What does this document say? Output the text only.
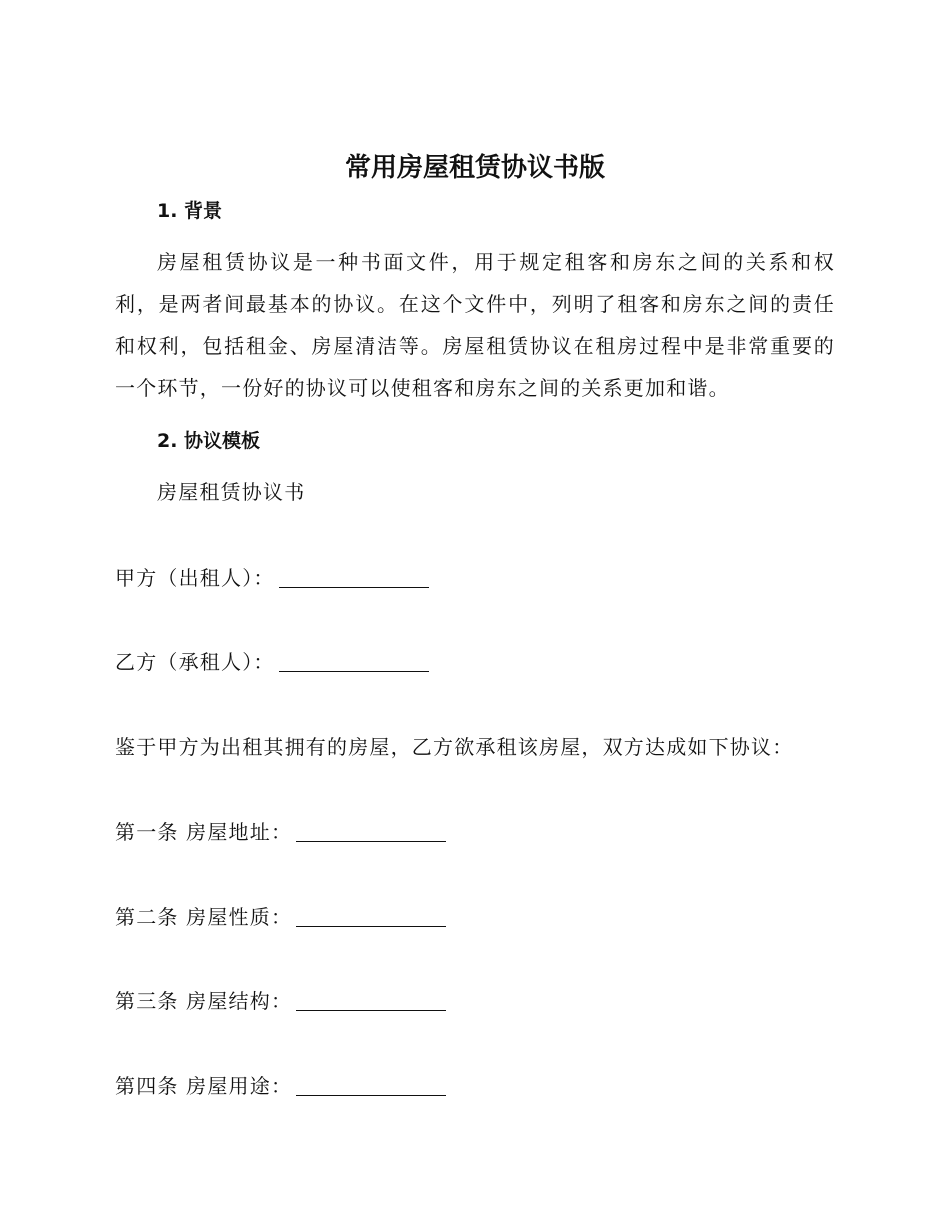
常用房屋租赁协议书版
1. 背景

房屋租赁协议是一种书面文件，用于规定租客和房东之间的关系和权利，是两者间最基本的协议。在这个文件中，列明了租客和房东之间的责任和权利，包括租金、房屋清洁等。房屋租赁协议在租房过程中是非常重要的一个环节，一份好的协议可以使租客和房东之间的关系更加和谐。

2. 协议模板
房屋租赁协议书
甲方（出租人）：
乙方（承租人）：
鉴于甲方为出租其拥有的房屋，乙方欲承租该房屋，双方达成如下协议：
第一条 房屋地址：
第二条 房屋性质：
第三条 房屋结构：
第四条 房屋用途：
